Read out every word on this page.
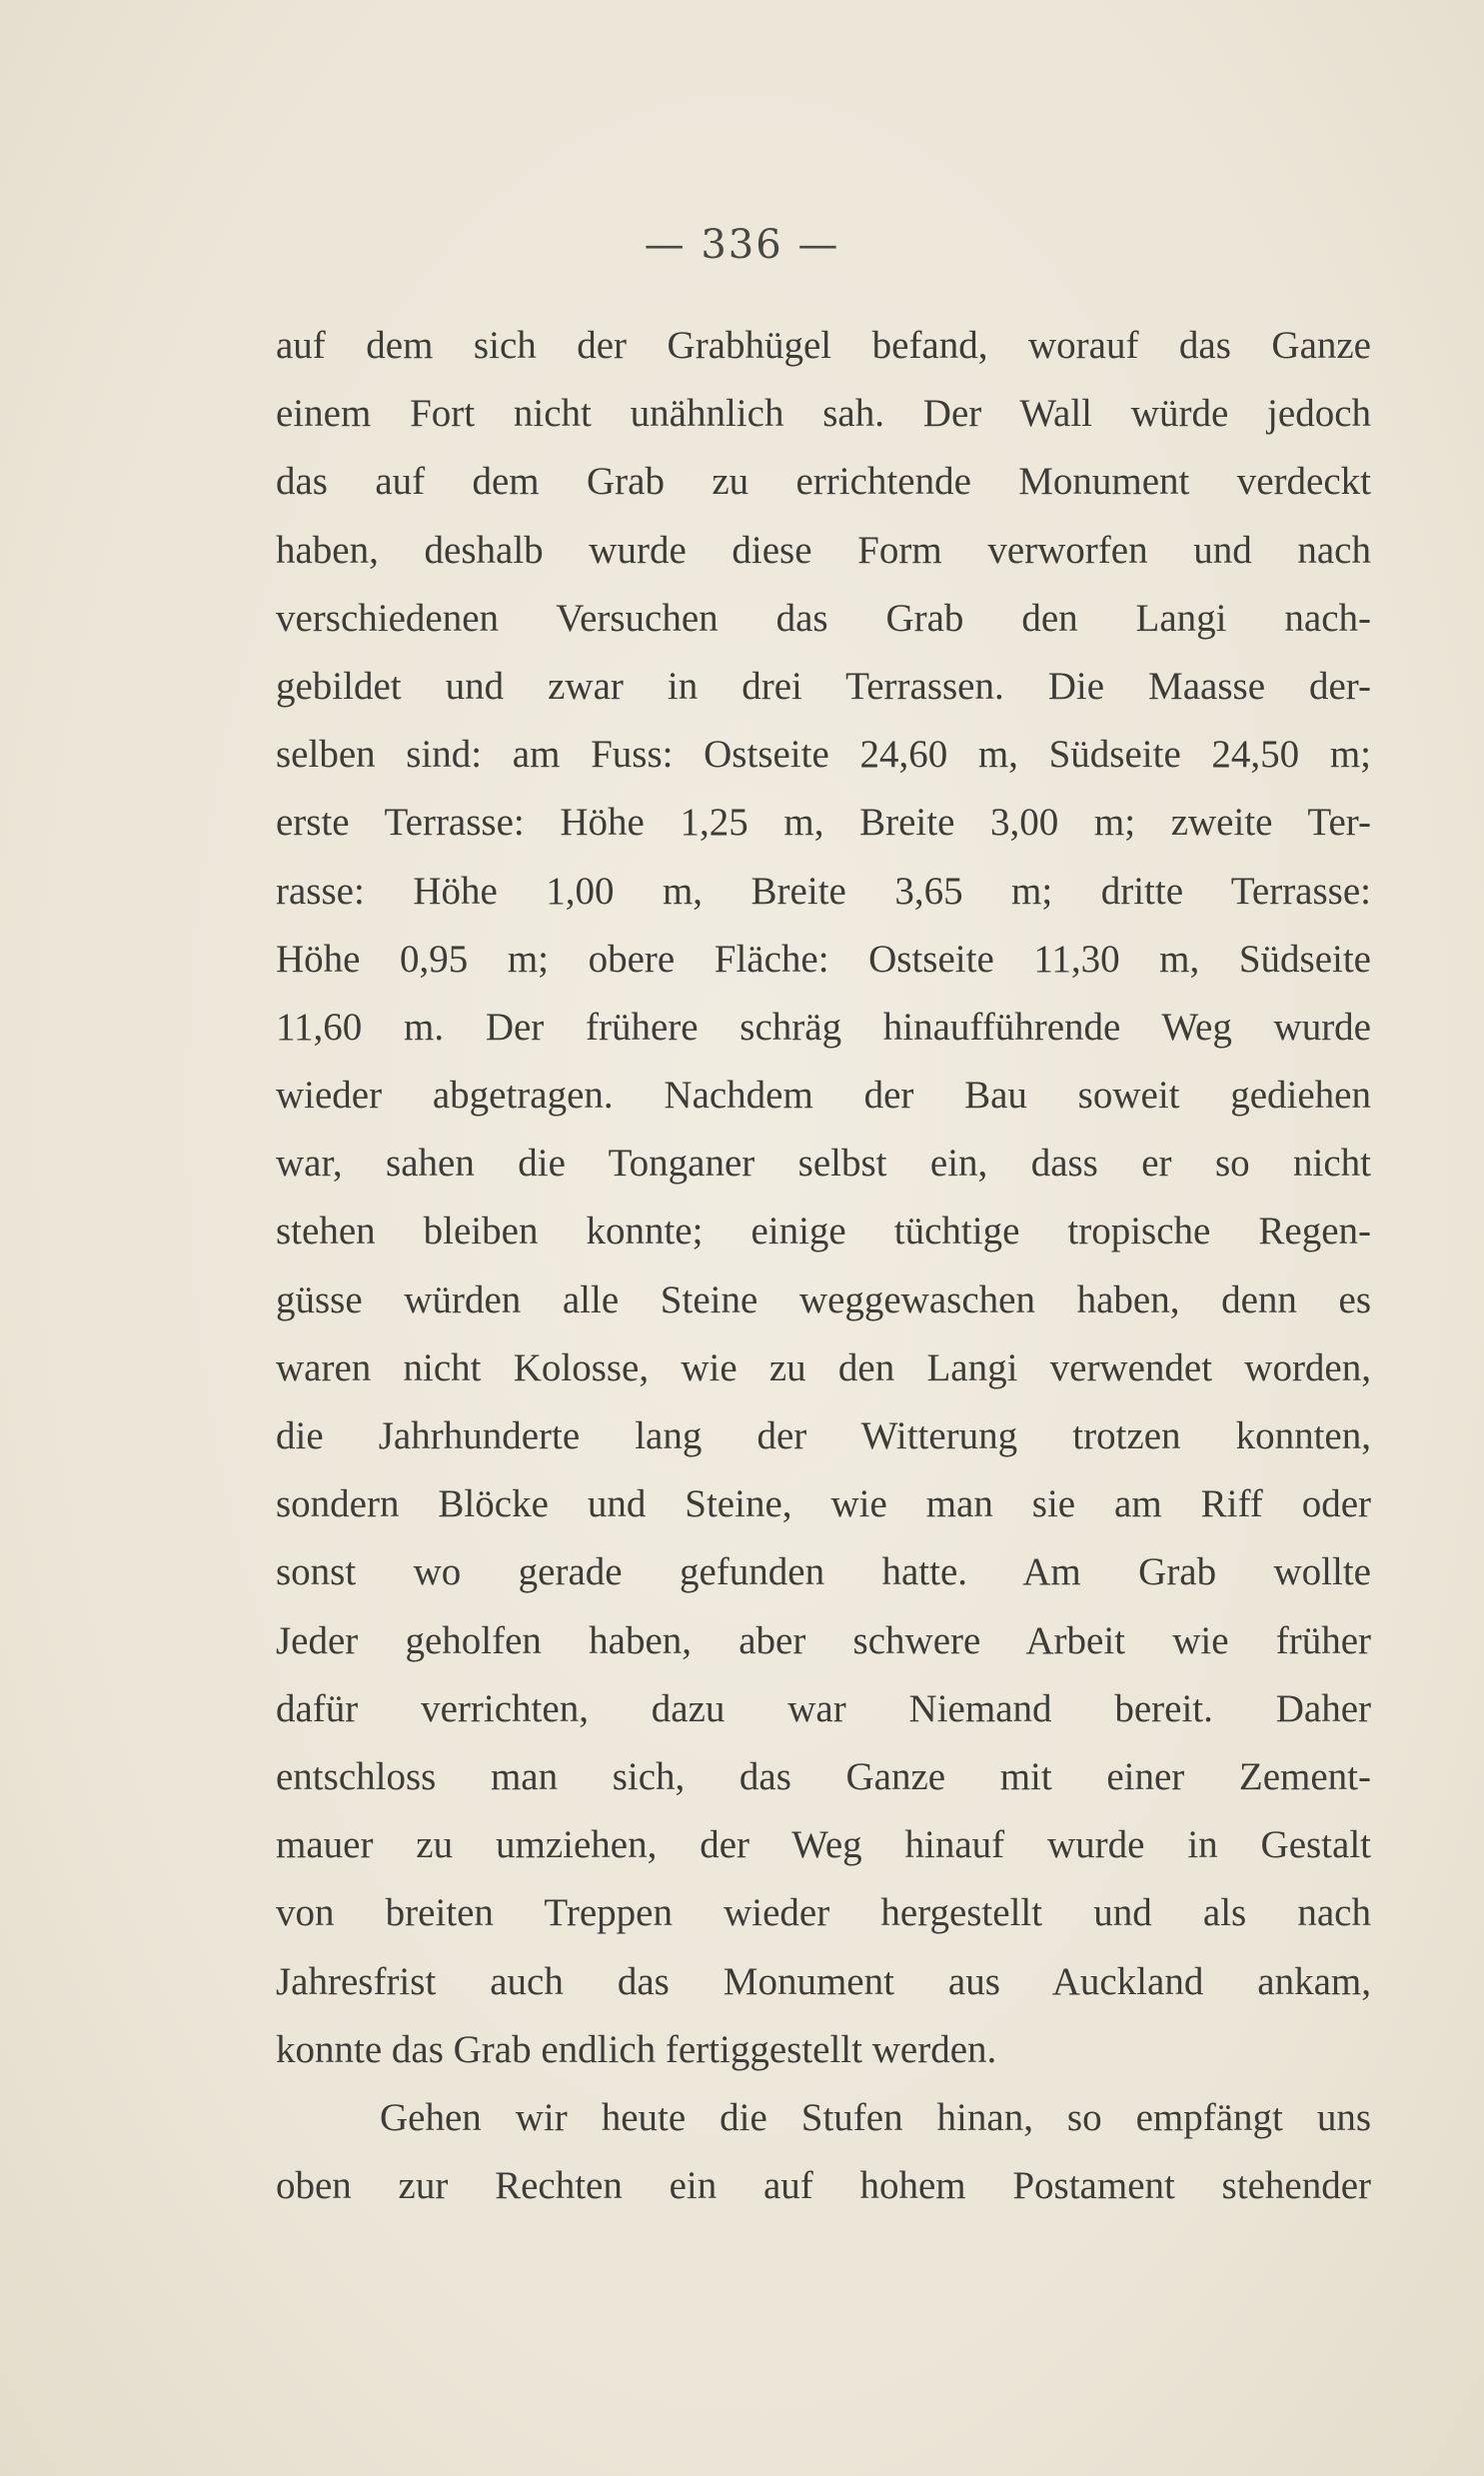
— 336 —
auf dem sich der Grabhügel befand, worauf das Ganze
einem Fort nicht unähnlich sah. Der Wall würde jedoch
das auf dem Grab zu errichtende Monument verdeckt
haben, deshalb wurde diese Form verworfen und nach
verschiedenen Versuchen das Grab den Langi nach-
gebildet und zwar in drei Terrassen. Die Maasse der-
selben sind: am Fuss: Ostseite 24,60 m, Südseite 24,50 m;
erste Terrasse: Höhe 1,25 m, Breite 3,00 m; zweite Ter-
rasse: Höhe 1,00 m, Breite 3,65 m; dritte Terrasse:
Höhe 0,95 m; obere Fläche: Ostseite 11,30 m, Südseite
11,60 m. Der frühere schräg hinaufführende Weg wurde
wieder abgetragen. Nachdem der Bau soweit gediehen
war, sahen die Tonganer selbst ein, dass er so nicht
stehen bleiben konnte; einige tüchtige tropische Regen-
güsse würden alle Steine weggewaschen haben, denn es
waren nicht Kolosse, wie zu den Langi verwendet worden,
die Jahrhunderte lang der Witterung trotzen konnten,
sondern Blöcke und Steine, wie man sie am Riff oder
sonst wo gerade gefunden hatte. Am Grab wollte
Jeder geholfen haben, aber schwere Arbeit wie früher
dafür verrichten, dazu war Niemand bereit. Daher
entschloss man sich, das Ganze mit einer Zement-
mauer zu umziehen, der Weg hinauf wurde in Gestalt
von breiten Treppen wieder hergestellt und als nach
Jahresfrist auch das Monument aus Auckland ankam,
konnte das Grab endlich fertiggestellt werden.
Gehen wir heute die Stufen hinan, so empfängt uns
oben zur Rechten ein auf hohem Postament stehender
